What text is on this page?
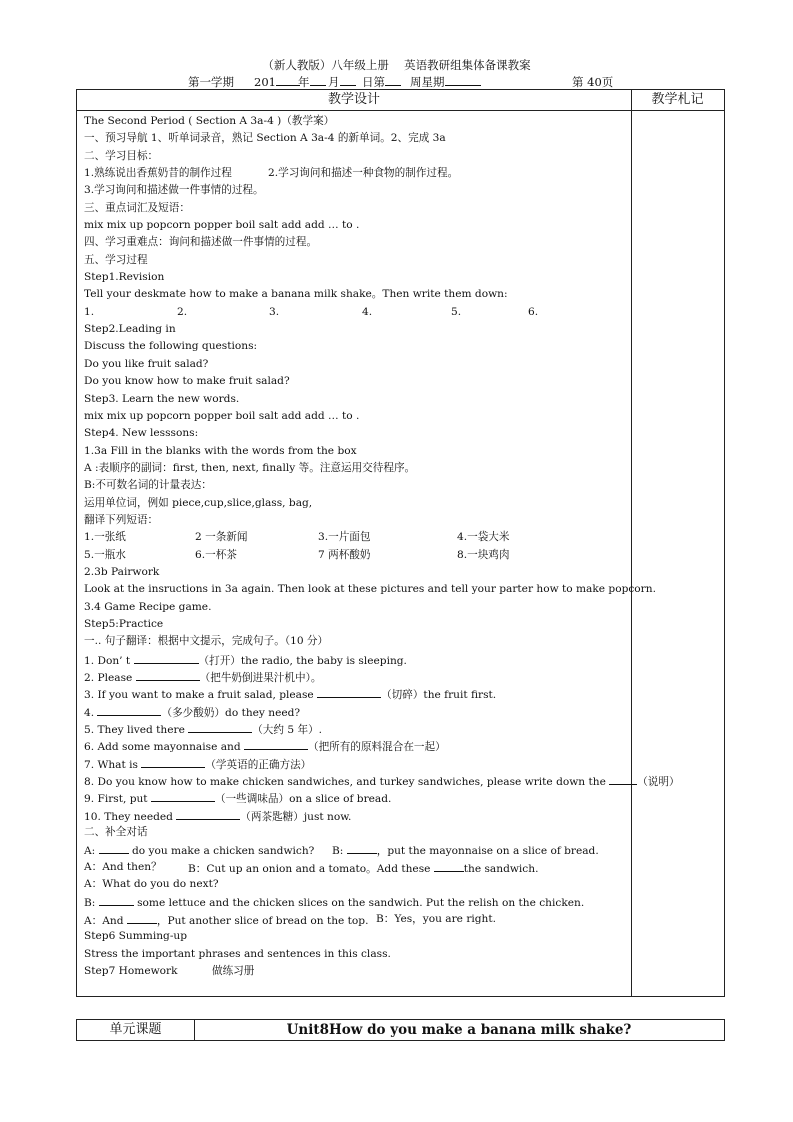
（新人教版）八年级上册　 英语教研组集体备课教案
第一学期 201	年	月	日第	周星期	第 40页
教学设计	教学札记
The Second Period ( Section A 3a-4 )（教学案）
一、预习导航 1、听单词录音，熟记 Section A 3a-4 的新单词。2、完成 3a
二、学习目标：
1.熟练说出香蕉奶昔的制作过程	2.学习询问和描述一种食物的制作过程。
3.学习询问和描述做一件事情的过程。
三、重点词汇及短语：
mix mix up popcorn popper boil salt add add … to .
四、学习重难点：询问和描述做一件事情的过程。
五、学习过程
Step1.Revision
Tell your deskmate how to make a banana milk shake。Then write them down:
1.	2.	3.	4.	5.	6.
Step2.Leading in
Discuss the following questions:
Do you like fruit salad?
Do you know how to make fruit salad?
Step3. Learn the new words.
mix mix up popcorn popper boil salt add add … to .
Step4. New lesssons:
1.3a Fill in the blanks with the words from the box
A :表顺序的副词：first, then, next, finally 等。注意运用交待程序。
B:不可数名词的计量表达：
运用单位词，例如 piece,cup,slice,glass, bag,
翻译下列短语：
1.一张纸	2 一条新闻	3.一片面包	4.一袋大米
5.一瓶水	6.一杯茶	7 两杯酸奶	8.一块鸡肉
2.3b Pairwork
Look at the insructions in 3a again. Then look at these pictures and tell your parter how to make popcorn.
3.4 Game Recipe game.
Step5:Practice
一.. 句子翻译：根据中文提示，完成句子。（10 分）
1. Don’ t	（打开）the radio, the baby is sleeping.
2. Please	（把牛奶倒进果汁机中）。
3. If you want to make a fruit salad, please	（切碎）the fruit first.
4.	（多少酸奶）do they need?
5. They lived there	（大约 5 年）.
6. Add some mayonnaise and	（把所有的原料混合在一起）
7. What is	（学英语的正确方法）
8. Do you know how to make chicken sandwiches, and turkey sandwiches, please write down the	（说明）
9. First, put	（一些调味品）on a slice of bread.
10. They needed	（两茶匙糖）just now.
二、补全对话
A:	do you make a chicken sandwich? B:	，put the mayonnaise on a slice of bread.
A：And then？ B：Cut up an onion and a tomato。Add these	the sandwich.
A：What do you do next?
B:	some lettuce and the chicken slices on the sandwich. Put the relish on the chicken.
A：And	，Put another slice of bread on the top. B：Yes，you are right.
Step6 Summing-up
Stress the important phrases and sentences in this class.
Step7 Homework	做练习册
单元课题	Unit8How do you make a banana milk shake?
